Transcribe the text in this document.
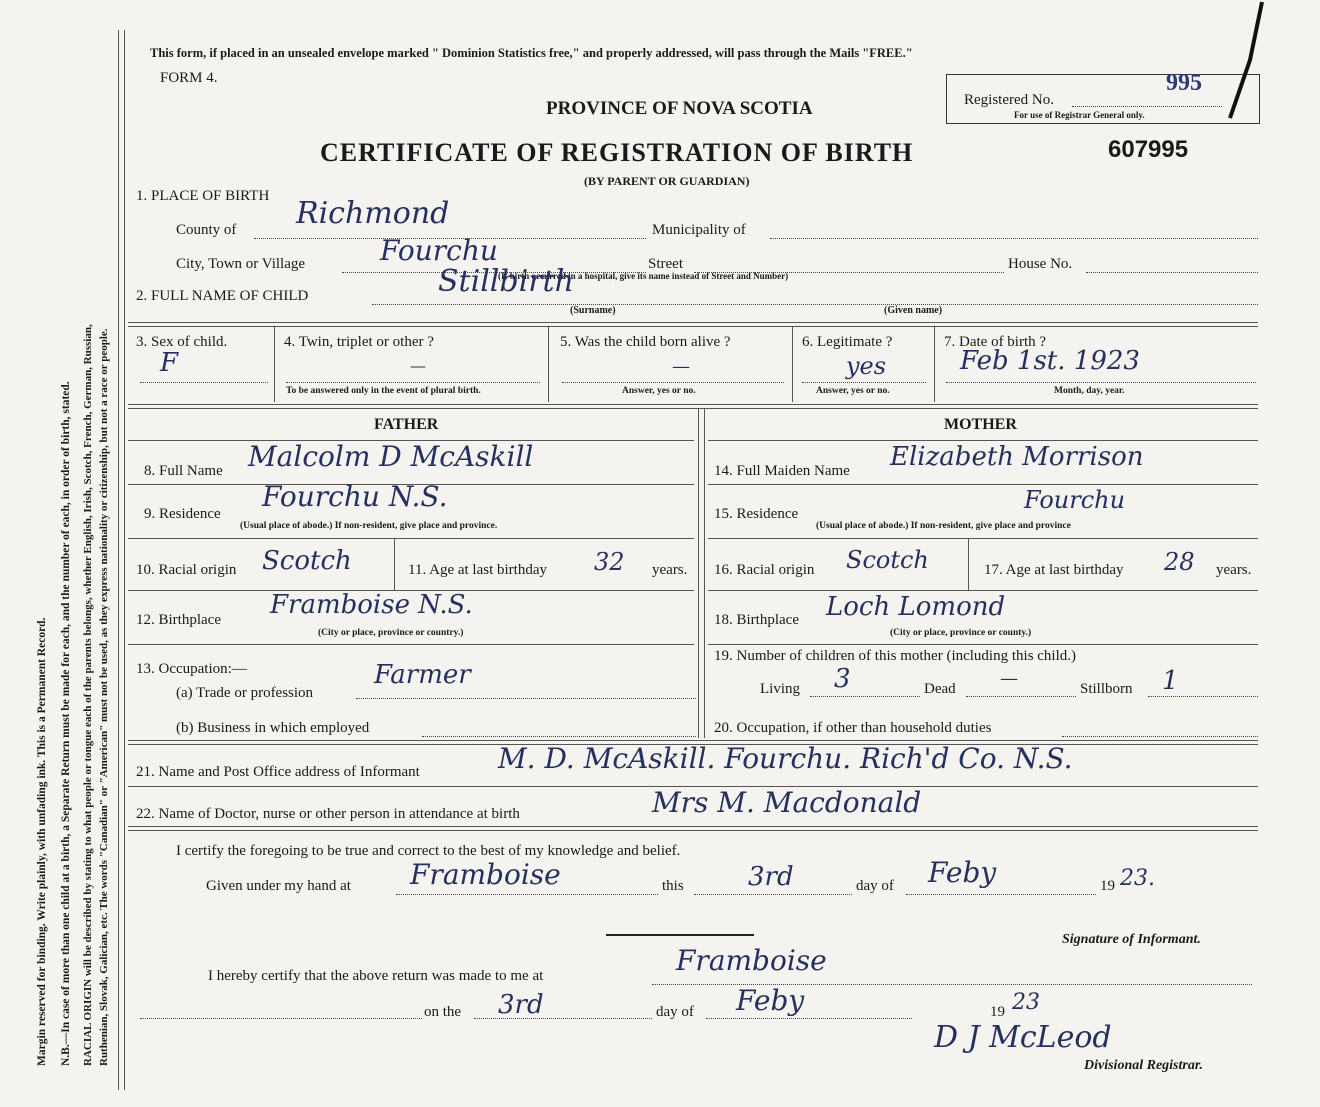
Margin reserved for binding. Write plainly, with unfading ink. This is a Permanent Record. N.B.—In case of more than one child at a birth, a Separate Return must be made for each, and the number of each, in order of birth, stated. RACIAL ORIGIN will be described by stating to what people or tongue each of the parents belongs, whether English, Irish, Scotch, French, German, Russian, Ruthenian, Slovak, Galician, etc. The words "Canadian" or "American" must not be used, as they express nationality or citizenship, but not a race or people.
This form, if placed in an unsealed envelope marked " Dominion Statistics free," and properly addressed, will pass through the Mails "FREE."
FORM 4.
PROVINCE OF NOVA SCOTIA
CERTIFICATE OF REGISTRATION OF BIRTH	607995
(BY PARENT OR GUARDIAN)
Registered No.
995
For use of Registrar General only.
1. PLACE OF BIRTH
County of Richmond	Municipality of
City, Town or Village	Fourchu	Street	House No.
(If birth occurred in a hospital, give its name instead of Street and Number)
2. FULL NAME OF CHILD	Stillbirth
(Surname)	(Given name)
3. Sex of child.
F
4. Twin, triplet or other ?
—
To be answered only in the event of plural birth.
5. Was the child born alive ?
—
Answer, yes or no.
6. Legitimate ?
yes
Answer, yes or no.
7. Date of birth ?
Feb 1st. 1923
Month, day, year.
FATHER
8. Full Name Malcolm D McAskill
9. Residence
Fourchu N.S.
(Usual place of abode.) If non-resident, give place and province.
10. Racial origin Scotch	11. Age at last birthday 32 years.
12. Birthplace Framboise N.S.
(City or place, province or country.)
13. Occupation:—
(a) Trade or profession
Farmer
(b) Business in which employed
MOTHER
14. Full Maiden Name Elizabeth Morrison
15. Residence	Fourchu
(Usual place of abode.) If non-resident, give place and province
16. Racial origin Scotch	17. Age at last birthday 28 years.
18. Birthplace Loch Lomond
(City or place, province or county.)
19. Number of children of this mother (including this child.)
Living 3	Dead —	Stillborn 1
20. Occupation, if other than household duties
21. Name and Post Office address of Informant	M. D. McAskill. Fourchu. Rich'd Co. N.S.
22. Name of Doctor, nurse or other person in attendance at birth	Mrs M. Macdonald
I certify the foregoing to be true and correct to the best of my knowledge and belief.
Given under my hand at Framboise	this 3rd	day of Feby	19 23.
Signature of Informant.
I hereby certify that the above return was made to me at	Framboise
on the 3rd	day of Feby	19 23
D J McLeod
Divisional Registrar.
